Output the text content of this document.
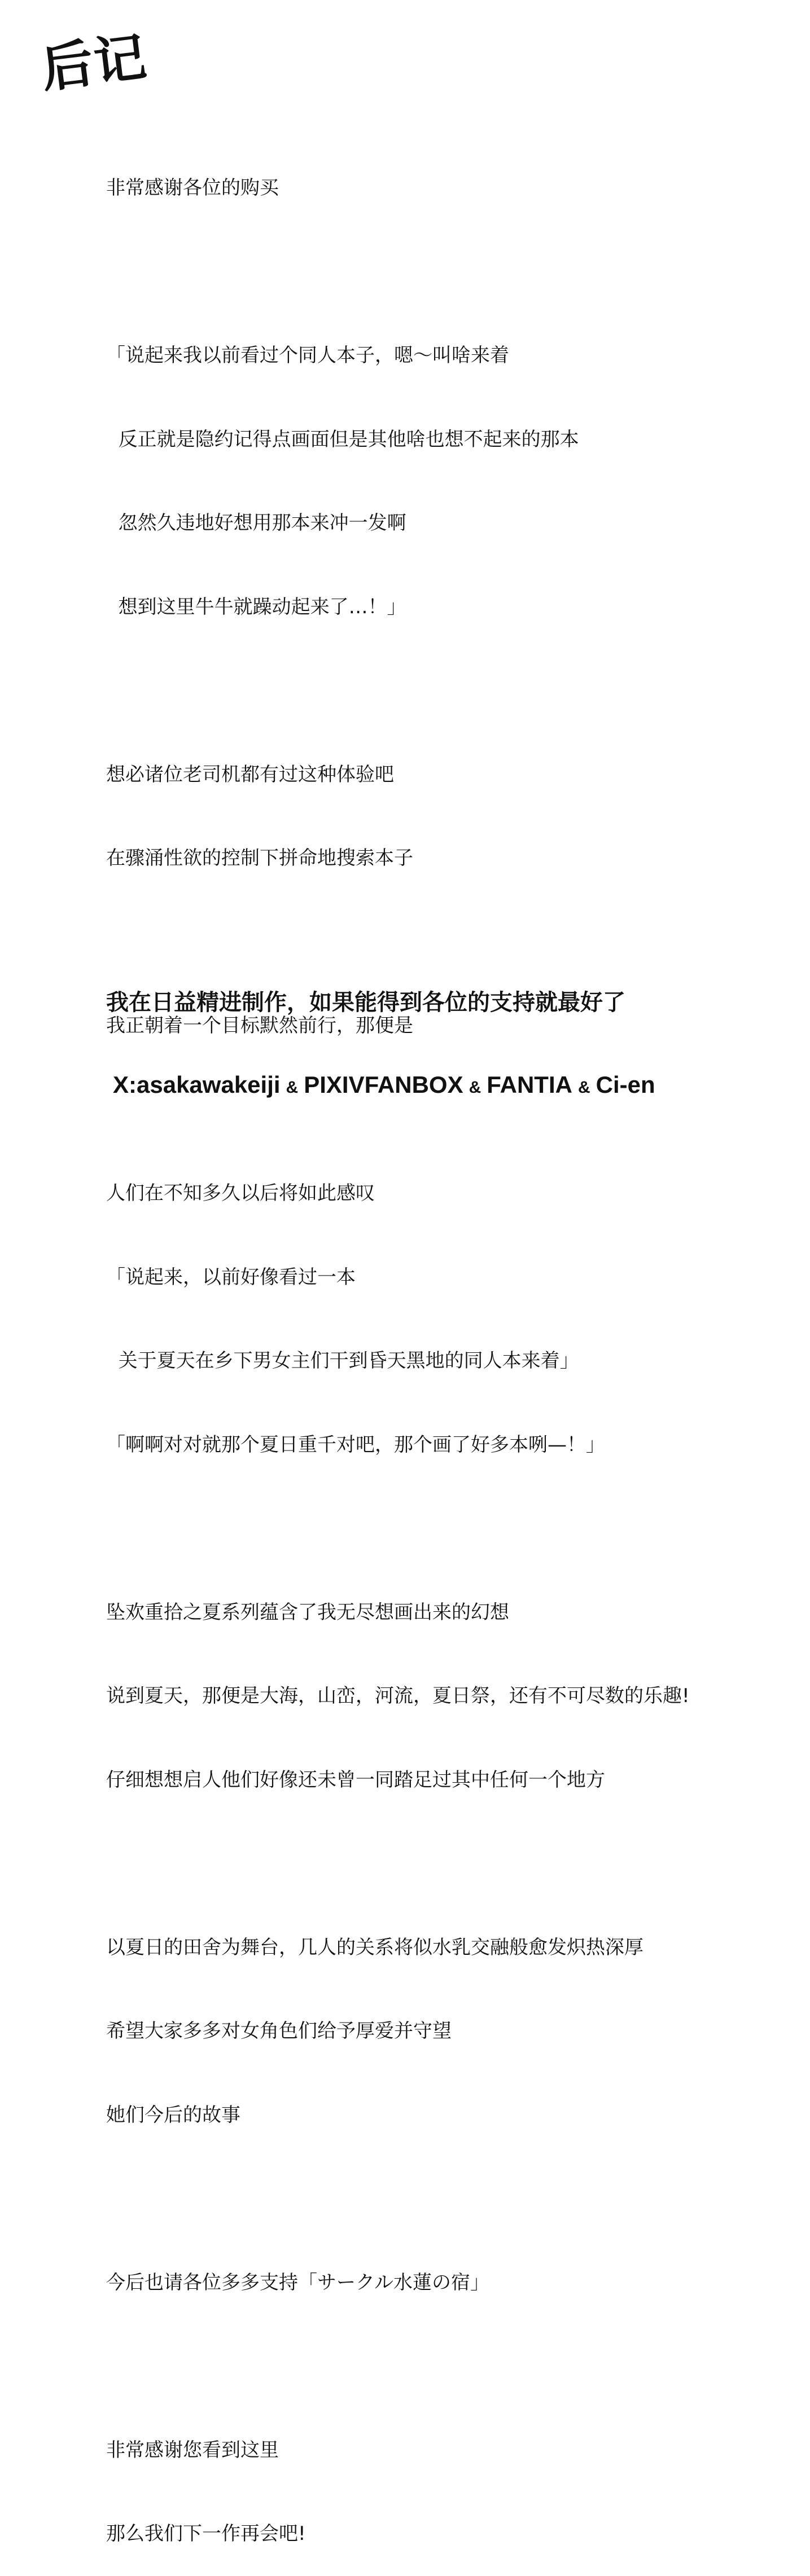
后记

非常感谢各位的购买

「说起来我以前看过个同人本子，嗯～叫啥来着

反正就是隐约记得点画面但是其他啥也想不起来的那本

忽然久违地好想用那本来冲一发啊

想到这里牛牛就躁动起来了…！」

想必诸位老司机都有过这种体验吧

在骤涌性欲的控制下拼命地搜索本子

我正朝着一个目标默然前行，那便是

人们在不知多久以后将如此感叹

「说起来，以前好像看过一本

关于夏天在乡下男女主们干到昏天黑地的同人本来着」

「啊啊对对就那个夏日重千对吧，那个画了好多本咧—！」

坠欢重拾之夏系列蕴含了我无尽想画出来的幻想

说到夏天，那便是大海，山峦，河流，夏日祭，还有不可尽数的乐趣!

仔细想想启人他们好像还未曾一同踏足过其中任何一个地方

以夏日的田舍为舞台，几人的关系将似水乳交融般愈发炽热深厚

希望大家多多对女角色们给予厚爱并守望

她们今后的故事

今后也请各位多多支持「サークル水蓮の宿」

非常感谢您看到这里

那么我们下一作再会吧!

我在日益精进制作，如果能得到各位的支持就最好了
X:asakawakeiji & PIXIVFANBOX & FANTIA & Ci-en
